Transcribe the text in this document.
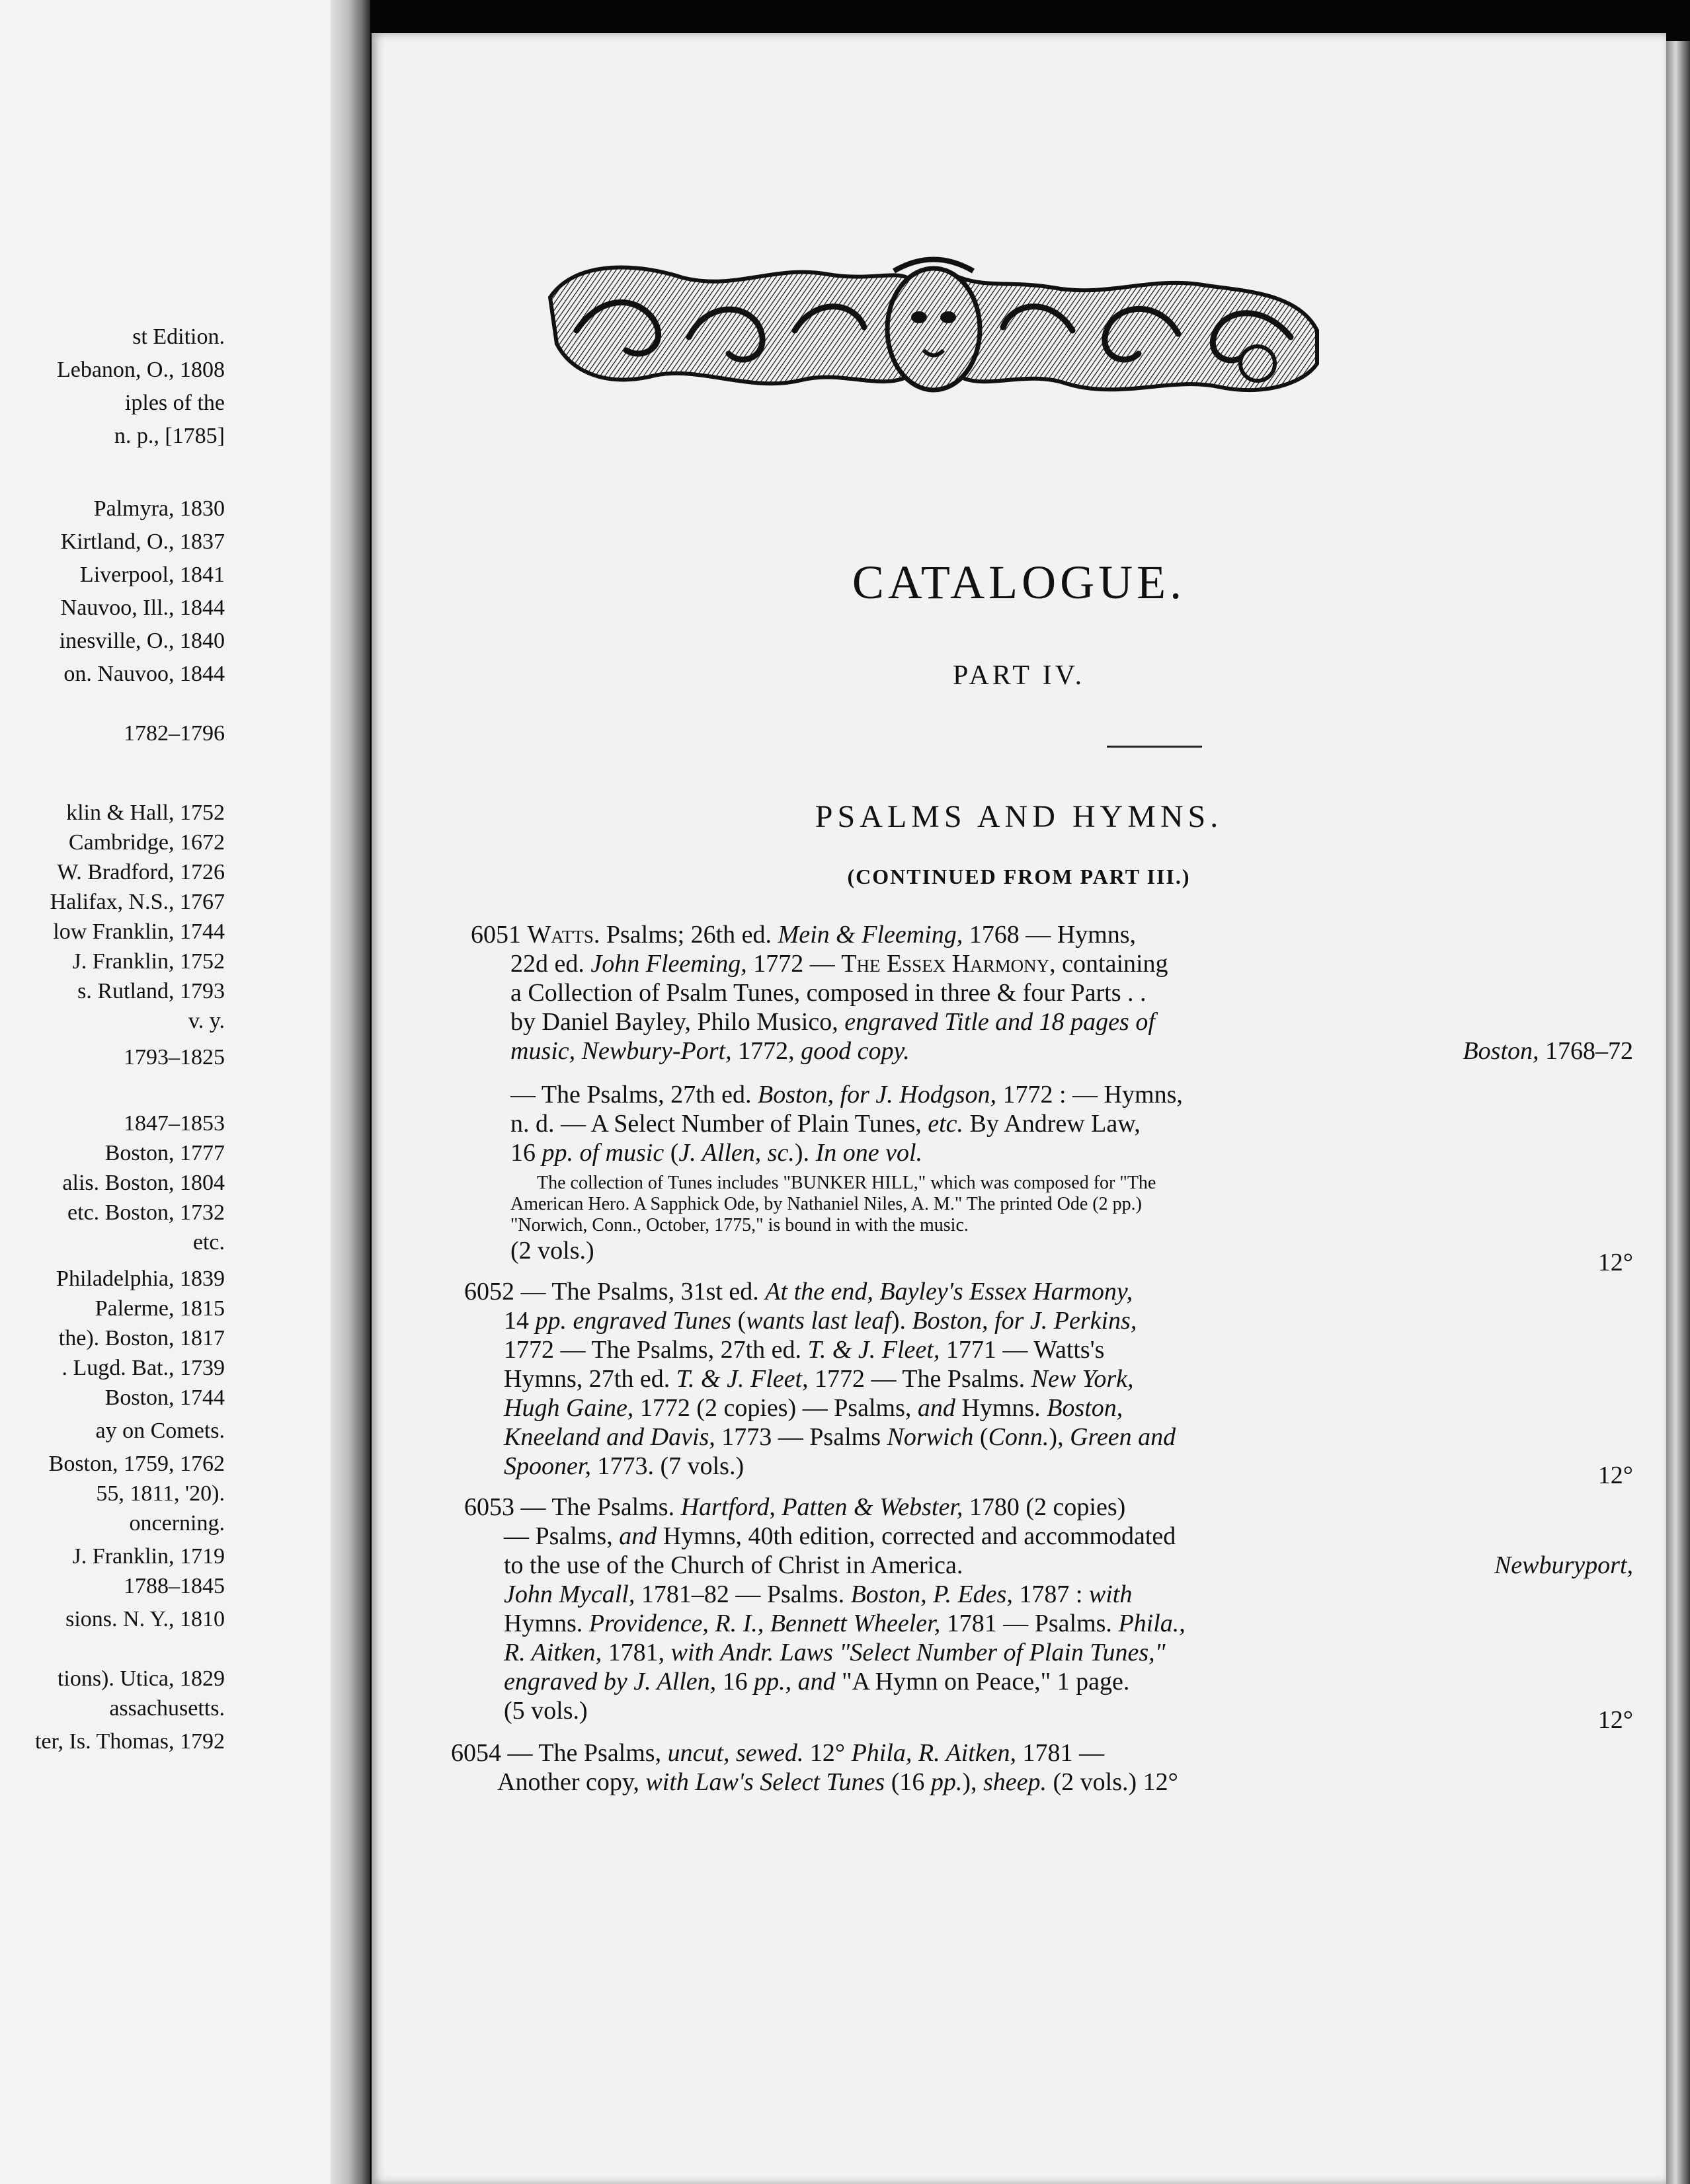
st Edition.
Lebanon, O., 1808
iples of the
n. p., [1785]
Palmyra, 1830
Kirtland, O., 1837
Liverpool, 1841
Nauvoo, Ill., 1844
inesville, O., 1840
on. Nauvoo, 1844
1782–1796
klin & Hall, 1752
Cambridge, 1672
W. Bradford, 1726
Halifax, N.S., 1767
low Franklin, 1744
J. Franklin, 1752
s. Rutland, 1793
v. y.
1793–1825
1847–1853
Boston, 1777
alis. Boston, 1804
etc. Boston, 1732
etc.
Philadelphia, 1839
Palerme, 1815
the). Boston, 1817
. Lugd. Bat., 1739
Boston, 1744
ay on Comets.
Boston, 1759, 1762
55, 1811, '20).
oncerning.
J. Franklin, 1719
1788–1845
sions. N. Y., 1810
tions). Utica, 1829
assachusetts.
ter, Is. Thomas, 1792
CATALOGUE.
PART IV.
PSALMS AND HYMNS.
(CONTINUED FROM PART III.)
6051 Watts. Psalms; 26th ed. Mein & Fleeming, 1768 — Hymns,
22d ed. John Fleeming, 1772 — The Essex Harmony, containing
a Collection of Psalm Tunes, composed in three & four Parts . .
by Daniel Bayley, Philo Musico, engraved Title and 18 pages of
music, Newbury-Port, 1772, good copy.	Boston, 1768–72
— The Psalms, 27th ed. Boston, for J. Hodgson, 1772 : — Hymns,
n. d. — A Select Number of Plain Tunes, etc. By Andrew Law,
16 pp. of music (J. Allen, sc.). In one vol.
The collection of Tunes includes "BUNKER HILL," which was composed for "The
American Hero. A Sapphick Ode, by Nathaniel Niles, A. M." The printed Ode (2 pp.)
"Norwich, Conn., October, 1775," is bound in with the music.
(2 vols.)	12°
6052 — The Psalms, 31st ed. At the end, Bayley's Essex Harmony,
14 pp. engraved Tunes (wants last leaf). Boston, for J. Perkins,
1772 — The Psalms, 27th ed. T. & J. Fleet, 1771 — Watts's
Hymns, 27th ed. T. & J. Fleet, 1772 — The Psalms. New York,
Hugh Gaine, 1772 (2 copies) — Psalms, and Hymns. Boston,
Kneeland and Davis, 1773 — Psalms Norwich (Conn.), Green and
Spooner, 1773. (7 vols.)	12°
6053 — The Psalms. Hartford, Patten & Webster, 1780 (2 copies)
— Psalms, and Hymns, 40th edition, corrected and accommodated
to the use of the Church of Christ in America.	Newburyport,
John Mycall, 1781–82 — Psalms. Boston, P. Edes, 1787 : with
Hymns. Providence, R. I., Bennett Wheeler, 1781 — Psalms. Phila.,
R. Aitken, 1781, with Andr. Laws "Select Number of Plain Tunes,"
engraved by J. Allen, 16 pp., and "A Hymn on Peace," 1 page.
(5 vols.)	12°
6054 — The Psalms, uncut, sewed. 12° Phila, R. Aitken, 1781 —
Another copy, with Law's Select Tunes (16 pp.), sheep. (2 vols.) 12°
